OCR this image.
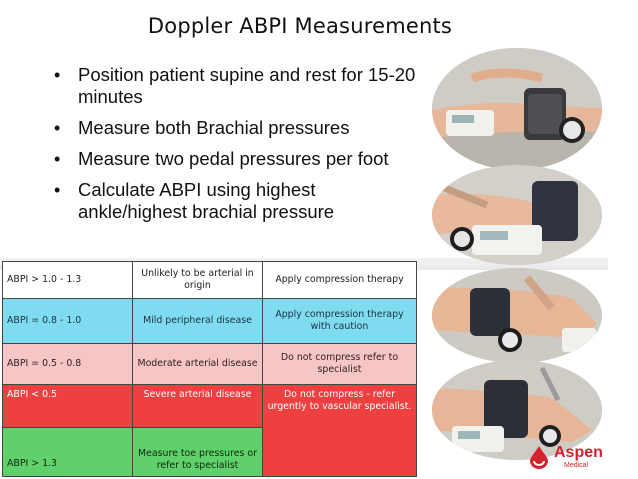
Doppler ABPI Measurements
• Position patient supine and rest for 15-20 minutes
• Measure both Brachial pressures
• Measure two pedal pressures per foot
• Calculate ABPI using highest ankle/highest brachial pressure
ABPI > 1.0 - 1.3	Unlikely to be arterial in origin	Apply compression therapy
ABPI = 0.8 - 1.0	Mild peripheral disease	Apply compression therapy with caution
ABPI = 0.5 - 0.8	Moderate arterial disease	Do not compress refer to specialist
ABPI < 0.5	Severe arterial disease	Do not compress - refer urgently to vascular specialist.
ABPI > 1.3	Measure toe pressures or refer to specialist	
Aspen
Medical
